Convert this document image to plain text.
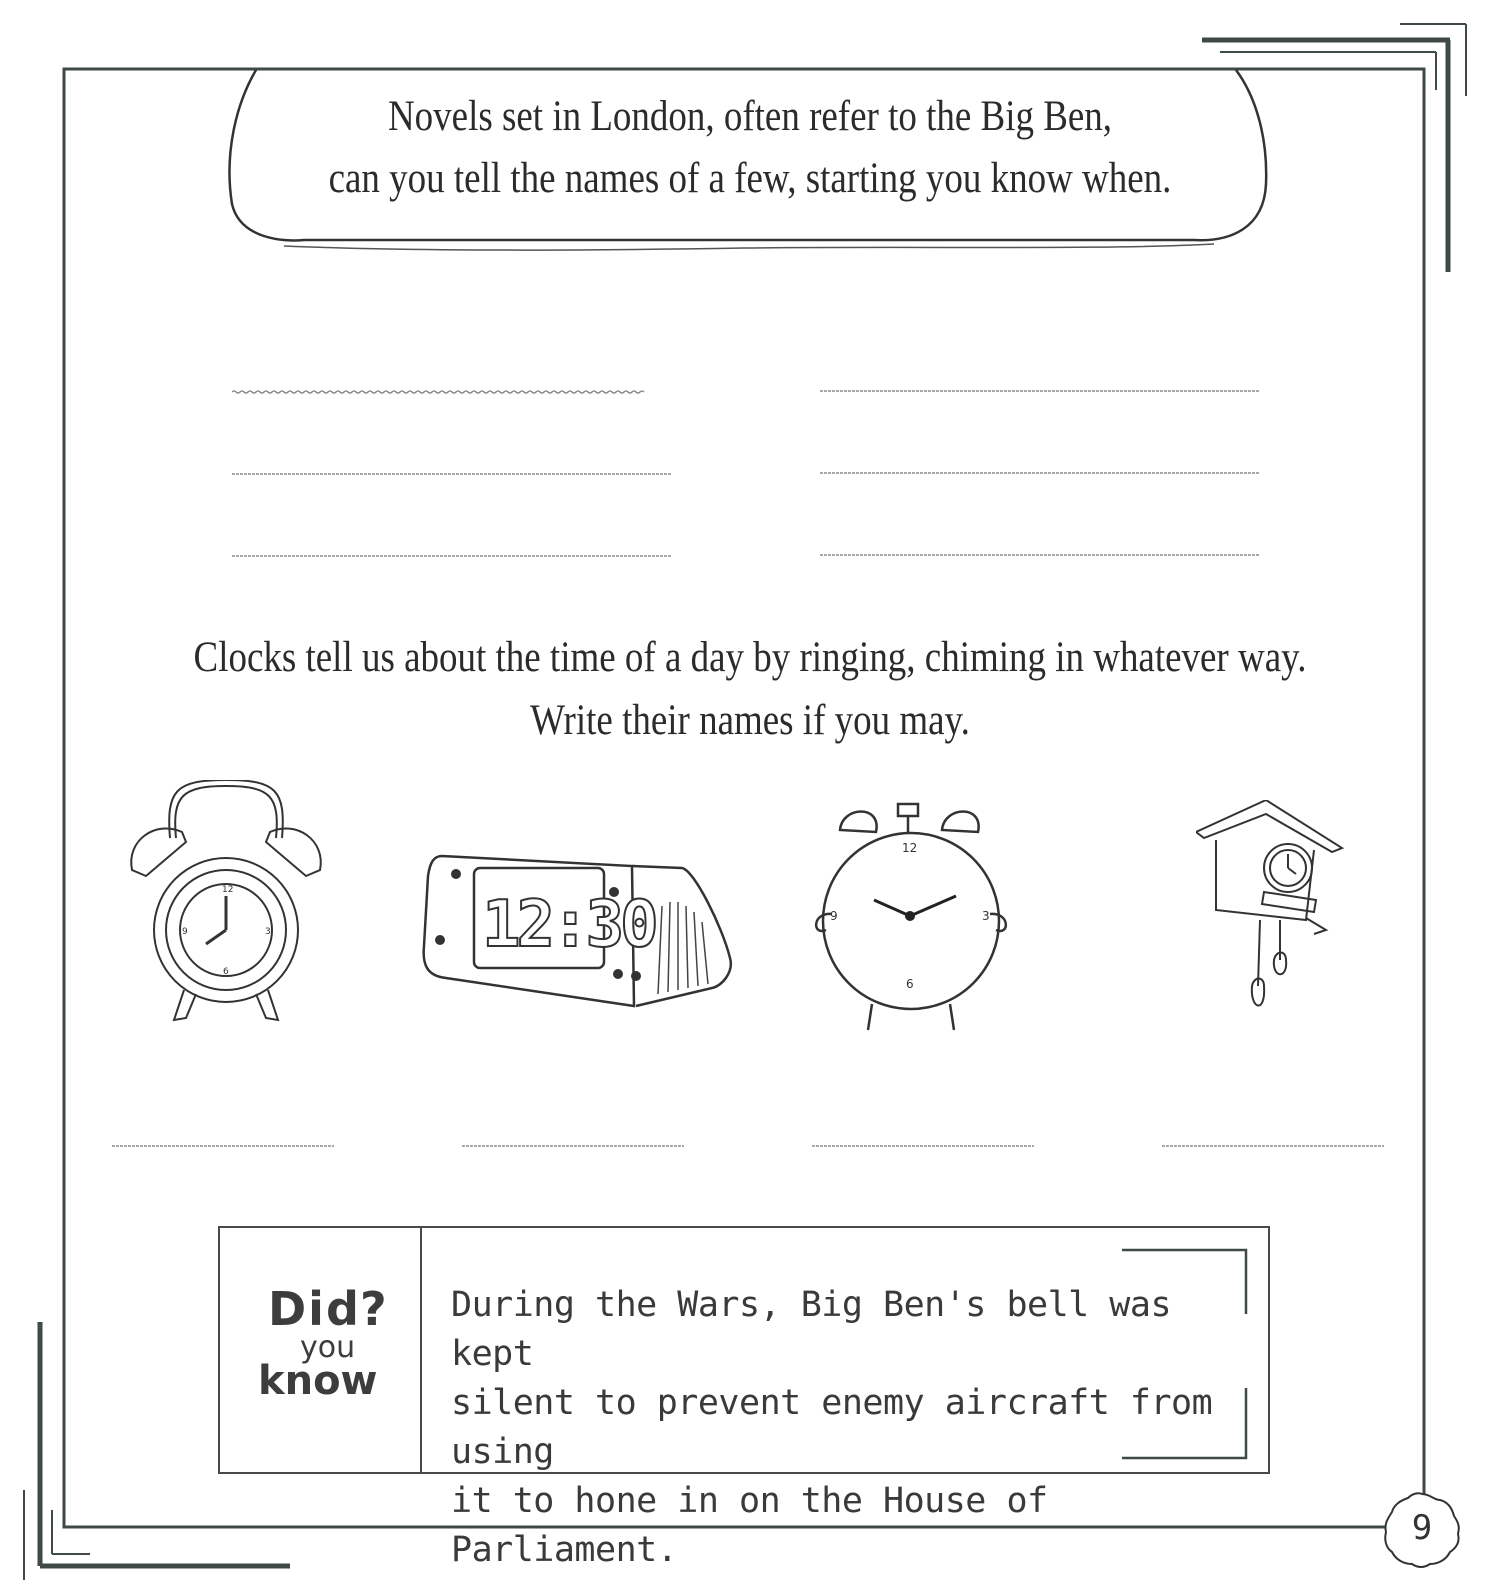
Novels set in London, often refer to the Big Ben,
can you tell the names of a few, starting you know when.
Clocks tell us about the time of a day by ringing, chiming in whatever way.
Write their names if you may.
12
3
6
9	12:30
12
3
6
9
Did ?
you
know
During the Wars, Big Ben's bell was kept
silent to prevent enemy aircraft from using
it to hone in on the House of Parliament.
9
